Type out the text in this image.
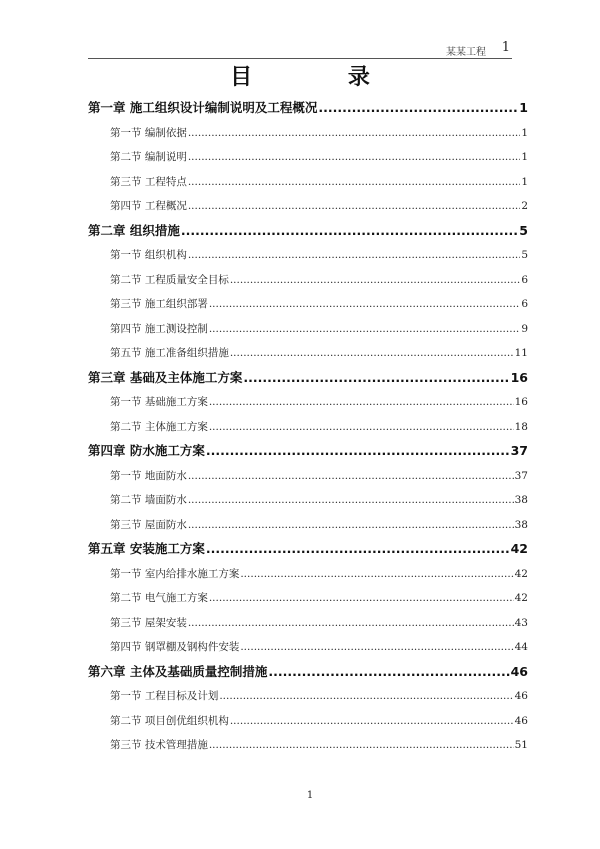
某某工程 1
目 录
第一章 施工组织设计编制说明及工程概况 .....	1
第一节 编制依据 .....	1
第二节 编制说明 .....	1
第三节 工程特点 .....	1
第四节 工程概况 .....	2
第二章 组织措施 .....	5
第一节 组织机构 .....	5
第二节 工程质量安全目标 .....	6
第三节 施工组织部署 .....	6
第四节 施工测设控制 .....	9
第五节 施工准备组织措施 .....	11
第三章 基础及主体施工方案 .....	16
第一节 基础施工方案 .....	16
第二节 主体施工方案 .....	18
第四章 防水施工方案 .....	37
第一节 地面防水 .....	37
第二节 墙面防水 .....	38
第三节 屋面防水 .....	38
第五章 安装施工方案 .....	42
第一节 室内给排水施工方案 .....	42
第二节 电气施工方案 .....	42
第三节 屋架安装 .....	43
第四节 钢罩棚及钢构件安装 .....	44
第六章 主体及基础质量控制措施 .....	46
第一节 工程目标及计划 .....	46
第二节 项目创优组织机构 .....	46
第三节 技术管理措施 .....	51
1
